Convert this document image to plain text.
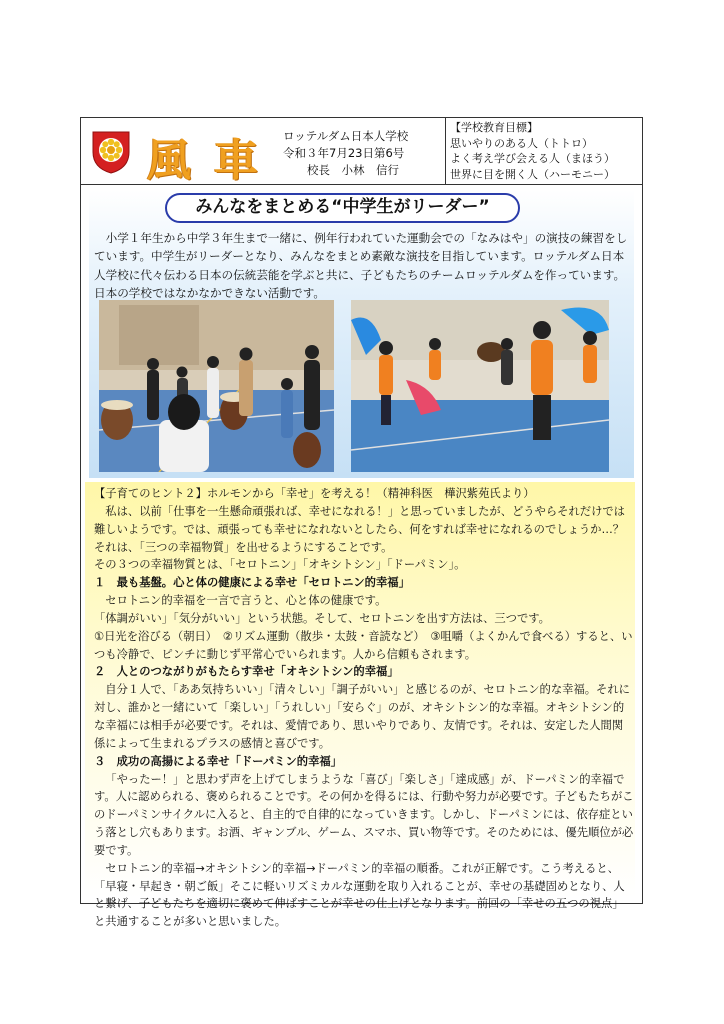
風 車 ロッテルダム日本人学校
令和３年7月23日第6号
校長　小林　信行
【学校教育目標】
思いやりのある人（トトロ）
よく考え学び会える人（まほう）
世界に目を開く人（ハーモニー）
みんなをまとめる“中学生がリーダー”
小学１年生から中学３年生まで一緒に、例年行われていた運動会での「なみはや」の演技の練習をしています。中学生がリーダーとなり、みんなをまとめ素敵な演技を目指しています。ロッテルダム日本人学校に代々伝わる日本の伝統芸能を学ぶと共に、子どもたちのチームロッテルダムを作っています。日本の学校ではなかなかできない活動です。

【子育てのヒント２】ホルモンから「幸せ」を考える！（精神科医　樺沢紫苑氏より）

私は、以前「仕事を一生懸命頑張れば、幸せになれる！」と思っていましたが、どうやらそれだけでは難しいようです。では、頑張っても幸せになれないとしたら、何をすれば幸せになれるのでしょうか…？それは、「三つの幸福物質」を出せるようにすることです。

その３つの幸福物質とは、「セロトニン」「オキシトシン」「ドーパミン」。

１　最も基盤。心と体の健康による幸せ「セロトニン的幸福」

セロトニン的幸福を一言で言うと、心と体の健康です。

「体調がいい」「気分がいい」という状態。そして、セロトニンを出す方法は、三つです。

①日光を浴びる（朝日）　②リズム運動（散歩・太鼓・音読など）　③咀嚼（よくかんで食べる）すると、いつも冷静で、ピンチに動じず平常心でいられます。人から信頼もされます。

２　人とのつながりがもたらす幸せ「オキシトシン的幸福」

自分１人で、「ああ気持ちいい」「清々しい」「調子がいい」と感じるのが、セロトニン的な幸福。それに対し、誰かと一緒にいて「楽しい」「うれしい」「安らぐ」のが、オキシトシン的な幸福。オキシトシン的な幸福には相手が必要です。それは、愛情であり、思いやりであり、友情です。それは、安定した人間関係によって生まれるプラスの感情と喜びです。

３　成功の高揚による幸せ「ドーパミン的幸福」

「やったー！」と思わず声を上げてしまうような「喜び」「楽しさ」「達成感」が、ドーパミン的幸福です。人に認められる、褒められることです。その何かを得るには、行動や努力が必要です。子どもたちがこのドーパミンサイクルに入ると、自主的で自律的になっていきます。しかし、ドーパミンには、依存症という落とし穴もあります。お酒、ギャンブル、ゲーム、スマホ、買い物等です。そのためには、優先順位が必要です。

セロトニン的幸福→オキシトシン的幸福→ドーパミン的幸福の順番。これが正解です。こう考えると、「早寝・早起き・朝ご飯」そこに軽いリズミカルな運動を取り入れることが、幸せの基礎固めとなり、人と繋げ、子どもたちを適切に褒めて伸ばすことが幸せの仕上げとなります。前回の「幸せの五つの視点」と共通することが多いと思いました。
